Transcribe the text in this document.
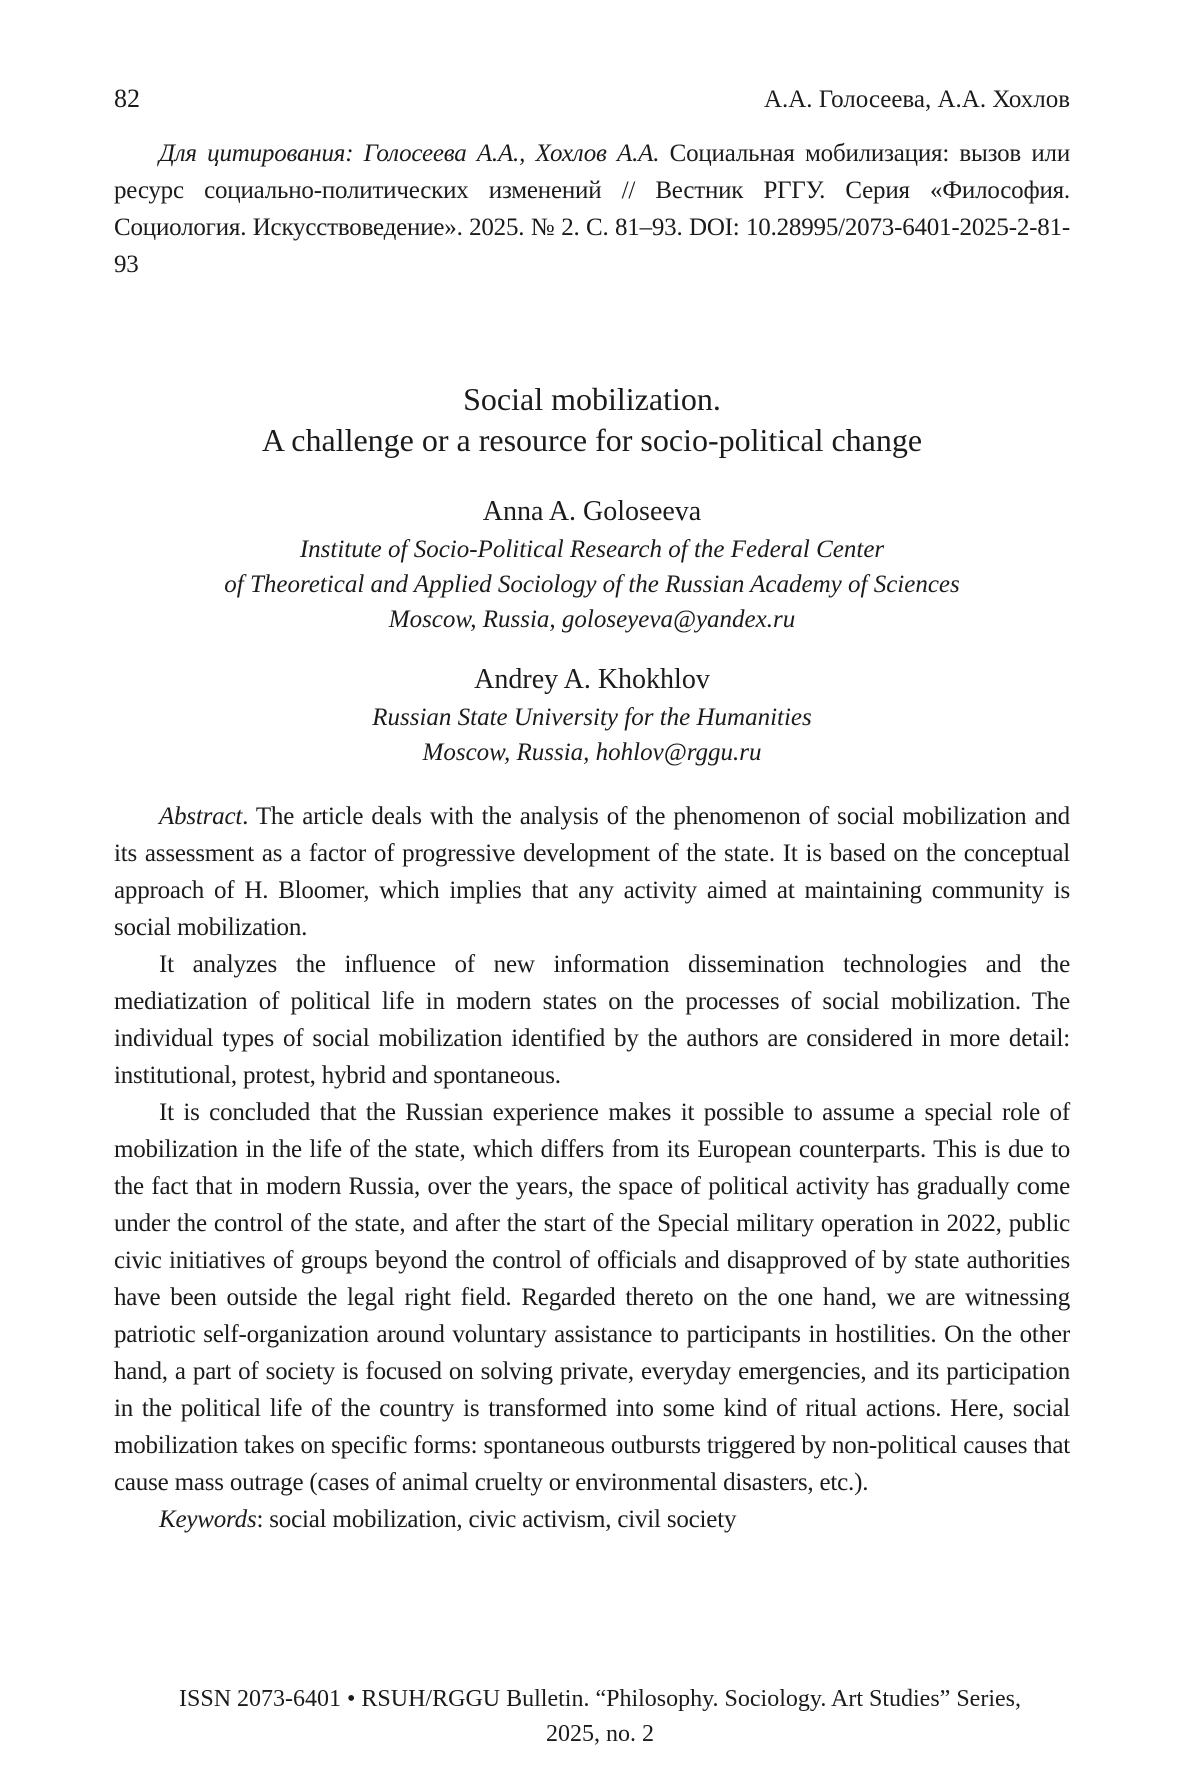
82	А.А. Голосеева, А.А. Хохлов

Для цитирования: Голосеева А.А., Хохлов А.А. Социальная мобилизация: вызов или ресурс социально-политических изменений // Вестник РГГУ. Серия «Философия. Социология. Искусствоведение». 2025. № 2. С. 81–93. DOI: 10.28995/2073-6401-2025-2-81-93

Social mobilization.
A challenge or a resource for socio-political change
Anna A. Goloseeva
Institute of Socio-Political Research of the Federal Center
of Theoretical and Applied Sociology of the Russian Academy of Sciences
Moscow, Russia, goloseyeva@yandex.ru
Andrey A. Khokhlov
Russian State University for the Humanities
Moscow, Russia, hohlov@rggu.ru

Abstract. The article deals with the analysis of the phenomenon of social mobilization and its assessment as a factor of progressive development of the state. It is based on the conceptual approach of H. Bloomer, which implies that any activity aimed at maintaining community is social mobilization.

It analyzes the influence of new information dissemination technologies and the mediatization of political life in modern states on the processes of social mobilization. The individual types of social mobilization identified by the authors are considered in more detail: institutional, protest, hybrid and spontaneous.

It is concluded that the Russian experience makes it possible to assume a special role of mobilization in the life of the state, which differs from its European counterparts. This is due to the fact that in modern Russia, over the years, the space of political activity has gradually come under the control of the state, and after the start of the Special military operation in 2022, public civic initiatives of groups beyond the control of officials and disapproved of by state authorities have been outside the legal right field. Regarded thereto on the one hand, we are witnessing patriotic self-organization around voluntary assistance to participants in hostilities. On the other hand, a part of society is focused on solving private, everyday emergencies, and its participation in the political life of the country is transformed into some kind of ritual actions. Here, social mobilization takes on specific forms: spontaneous outbursts triggered by non-political causes that cause mass outrage (cases of animal cruelty or environmental disasters, etc.).

Keywords: social mobilization, civic activism, civil society

ISSN 2073-6401 • RSUH/RGGU Bulletin. “Philosophy. Sociology. Art Studies” Series,
2025, no. 2
